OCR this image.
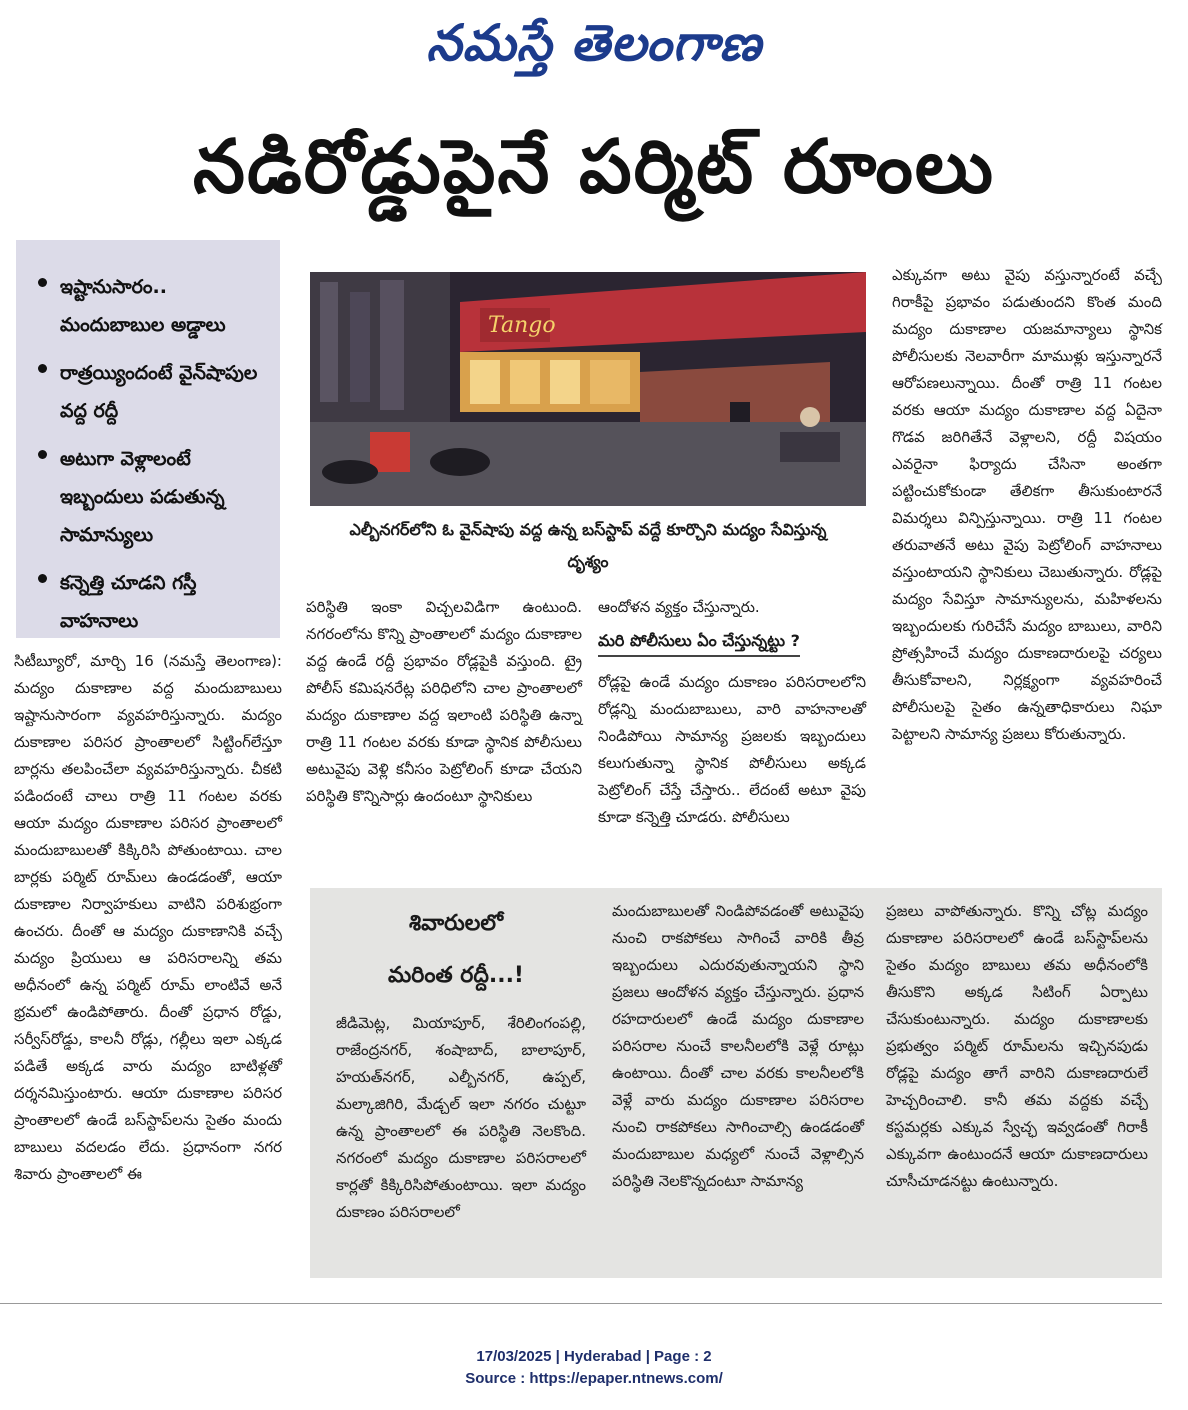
నమస్తే తెలంగాణ
నడిరోడ్డుపైనే పర్మిట్ రూంలు
ఇష్టానుసారం.. మందుబాబుల అడ్డాలు
రాత్రయ్యిందంటే వైన్‌షాపుల వద్ద రద్దీ
అటుగా వెళ్లాలంటే ఇబ్బందులు పడుతున్న సామాన్యులు
కన్నెత్తి చూడని గస్తీ వాహనాలు
Tango
ఎల్బీనగర్‌లోని ఓ వైన్‌షాపు వద్ద ఉన్న బస్‌స్టాప్ వద్దే కూర్చొని మద్యం సేవిస్తున్న దృశ్యం

సిటీబ్యూరో, మార్చి 16 (నమస్తే తెలంగాణ): మద్యం దుకాణాల వద్ద మందుబాబులు ఇష్టానుసారంగా వ్యవహరిస్తున్నారు. మద్యం దుకాణాల పరిసర ప్రాంతాలలో సిట్టింగ్‌లేస్తూ బార్లను తలపించేలా వ్యవహరిస్తున్నారు. చీకటి పడిందంటే చాలు రాత్రి 11 గంటల వరకు ఆయా మద్యం దుకాణాల పరిసర ప్రాంతాలలో మందుబాబులతో కిక్కిరిసి పోతుంటాయి. చాల బార్లకు పర్మిట్ రూమ్‌లు ఉండడంతో, ఆయా దుకాణాల నిర్వాహకులు వాటిని పరిశుభ్రంగా ఉంచరు. దీంతో ఆ మద్యం దుకాణానికి వచ్చే మద్యం ప్రియులు ఆ పరిసరాలన్ని తమ అధీనంలో ఉన్న పర్మిట్ రూమ్ లాంటివే అనే భ్రమలో ఉండిపోతారు. దీంతో ప్రధాన రోడ్డు, సర్వీస్‌రోడ్డు, కాలనీ రోడ్లు, గల్లీలు ఇలా ఎక్కడ పడితే అక్కడ వారు మద్యం బాటిళ్లతో దర్శనమిస్తుంటారు. ఆయా దుకాణాల పరిసర ప్రాంతాలలో ఉండే బస్‌స్టాప్‌లను సైతం మందు బాబులు వదలడం లేదు. ప్రధానంగా నగర శివారు ప్రాంతాలలో ఈ

పరిస్థితి ఇంకా విచ్చలవిడిగా ఉంటుంది. నగరంలోను కొన్ని ప్రాంతాలలో మద్యం దుకాణాల వద్ద ఉండే రద్దీ ప్రభావం రోడ్లపైకి వస్తుంది. ట్రై పోలీస్ కమిషనరేట్ల పరిధిలోని చాల ప్రాంతాలలో మద్యం దుకాణాల వద్ద ఇలాంటి పరిస్థితి ఉన్నా రాత్రి 11 గంటల వరకు కూడా స్థానిక పోలీసులు అటువైపు వెళ్లి కనీసం పెట్రోలింగ్ కూడా చేయని పరిస్థితి కొన్నిసార్లు ఉందంటూ స్థానికులు

ఆందోళన వ్యక్తం చేస్తున్నారు.

మరి పోలీసులు ఏం చేస్తున్నట్టు ?

రోడ్లపై ఉండే మద్యం దుకాణం పరిసరాలలోని రోడ్లన్ని మందుబాబులు, వారి వాహనాలతో నిండిపోయి సామాన్య ప్రజలకు ఇబ్బందులు కలుగుతున్నా స్థానిక పోలీసులు అక్కడ పెట్రోలింగ్ చేస్తే చేస్తారు.. లేదంటే అటూ వైపు కూడా కన్నెత్తి చూడరు. పోలీసులు

ఎక్కువగా అటు వైపు వస్తున్నారంటే వచ్చే గిరాకీపై ప్రభావం పడుతుందని కొంత మంది మద్యం దుకాణాల యజమాన్యాలు స్థానిక పోలీసులకు నెలవారీగా మాముళ్లు ఇస్తున్నారనే ఆరోపణలున్నాయి. దీంతో రాత్రి 11 గంటల వరకు ఆయా మద్యం దుకాణాల వద్ద ఏదైనా గొడవ జరిగితేనే వెళ్లాలని, రద్దీ విషయం ఎవరైనా ఫిర్యాదు చేసినా అంతగా పట్టించుకోకుండా తేలికగా తీసుకుంటారనే విమర్శలు విన్పిస్తున్నాయి. రాత్రి 11 గంటల తరువాతనే అటు వైపు పెట్రోలింగ్ వాహనాలు వస్తుంటాయని స్థానికులు చెబుతున్నారు. రోడ్లపై మద్యం సేవిస్తూ సామాన్యులను, మహిళలను ఇబ్బందులకు గురిచేసే మద్యం బాబులు, వారిని ప్రోత్సహించే మద్యం దుకాణదారులపై చర్యలు తీసుకోవాలని, నిర్లక్ష్యంగా వ్యవహరించే పోలీసులపై సైతం ఉన్నతాధికారులు నిఘా పెట్టాలని సామాన్య ప్రజలు కోరుతున్నారు.

శివారులలో
మరింత రద్దీ...!

జీడిమెట్ల, మియాపూర్, శేరిలింగంపల్లి, రాజేంద్రనగర్, శంషాబాద్, బాలాపూర్, హయత్‌నగర్, ఎల్బీనగర్, ఉప్పల్, మల్కాజిగిరి, మేడ్చల్ ఇలా నగరం చుట్టూ ఉన్న ప్రాంతాలలో ఈ పరిస్థితి నెలకొంది. నగరంలో మద్యం దుకాణాల పరిసరాలలో కార్లతో కిక్కిరిసిపోతుంటాయి. ఇలా మద్యం దుకాణం పరిసరాలలో

మందుబాబులతో నిండిపోవడంతో అటువైపు నుంచి రాకపోకలు సాగించే వారికి తీవ్ర ఇబ్బందులు ఎదురవుతున్నాయని స్థాని ప్రజలు ఆందోళన వ్యక్తం చేస్తున్నారు. ప్రధాన రహదారులలో ఉండే మద్యం దుకాణాల పరిసరాల నుంచే కాలనీలలోకి వెళ్లే రూట్లు ఉంటాయి. దీంతో చాల వరకు కాలనీలలోకి వెళ్లే వారు మద్యం దుకాణాల పరిసరాల నుంచి రాకపోకలు సాగించాల్సి ఉండడంతో మందుబాబుల మధ్యలో నుంచే వెళ్లాల్సిన పరిస్థితి నెలకొన్నదంటూ సామాన్య

ప్రజలు వాపోతున్నారు. కొన్ని చోట్ల మద్యం దుకాణాల పరిసరాలలో ఉండే బస్‌స్టాప్‌లను సైతం మద్యం బాబులు తమ అధీనంలోకి తీసుకొని అక్కడ సిటింగ్ ఏర్పాటు చేసుకుంటున్నారు. మద్యం దుకాణాలకు ప్రభుత్వం పర్మిట్ రూమ్‌లను ఇచ్చినపుడు రోడ్లపై మద్యం తాగే వారిని దుకాణదారులే హెచ్చరించాలి. కానీ తమ వద్దకు వచ్చే కస్టమర్లకు ఎక్కువ స్వేచ్ఛ ఇవ్వడంతో గిరాకీ ఎక్కువగా ఉంటుందనే ఆయా దుకాణదారులు చూసీచూడనట్టు ఉంటున్నారు.

17/03/2025 | Hyderabad | Page : 2
Source : https://epaper.ntnews.com/
